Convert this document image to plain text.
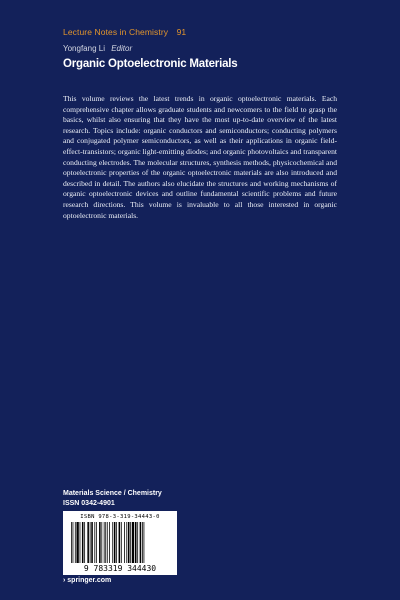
Lecture Notes in Chemistry 91
Yongfang Li Editor
Organic Optoelectronic Materials

This volume reviews the latest trends in organic optoelectronic materials. Each comprehensive chapter allows graduate students and newcomers to the field to grasp the basics, whilst also ensuring that they have the most up-to-date overview of the latest research. Topics include: organic conductors and semiconductors; conducting polymers and conjugated polymer semiconductors, as well as their applications in organic field-effect-transistors; organic light-emitting diodes; and organic photovoltaics and transparent conducting electrodes. The molecular structures, synthesis methods, physicochemical and optoelectronic properties of the organic optoelectronic materials are also introduced and described in detail. The authors also elucidate the structures and working mechanisms of organic optoelectronic devices and outline fundamental scientific problems and future research directions. This volume is invaluable to all those interested in organic optoelectronic materials.

Materials Science / Chemistry
ISSN 0342-4901
ISBN 978-3-319-34443-0
9 783319 344430
› springer.com
